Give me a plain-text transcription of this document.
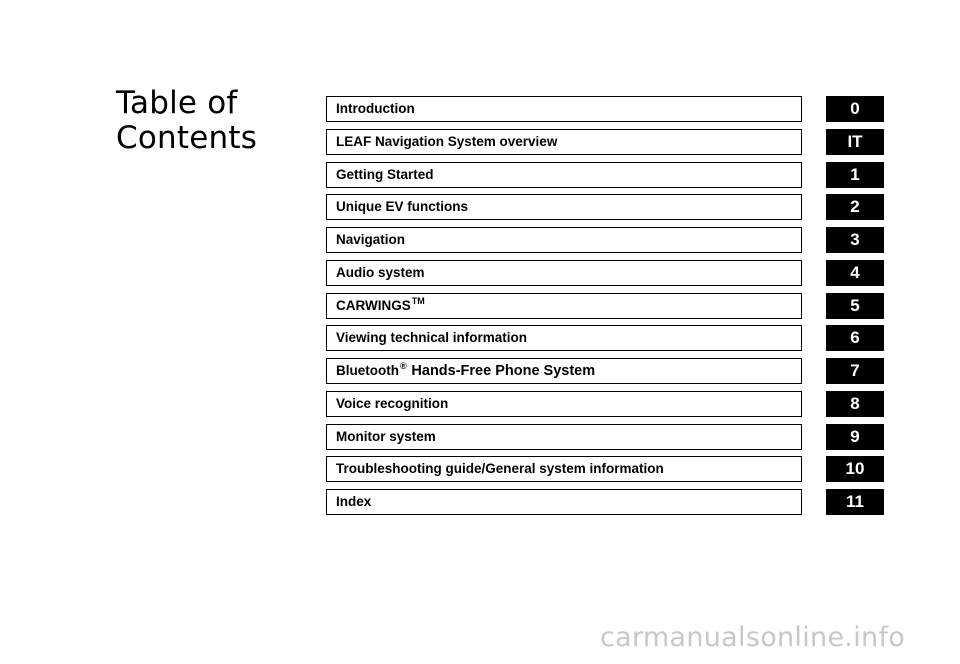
Table of
Contents
Introduction	0
LEAF Navigation System overview	IT
Getting Started	1
Unique EV functions	2
Navigation	3
Audio system	4
CARWINGS™	5
Viewing technical information	6
Bluetooth® Hands-Free Phone System	7
Voice recognition	8
Monitor system	9
Troubleshooting guide/General system information	10
Index	11
carmanualsonline.info
